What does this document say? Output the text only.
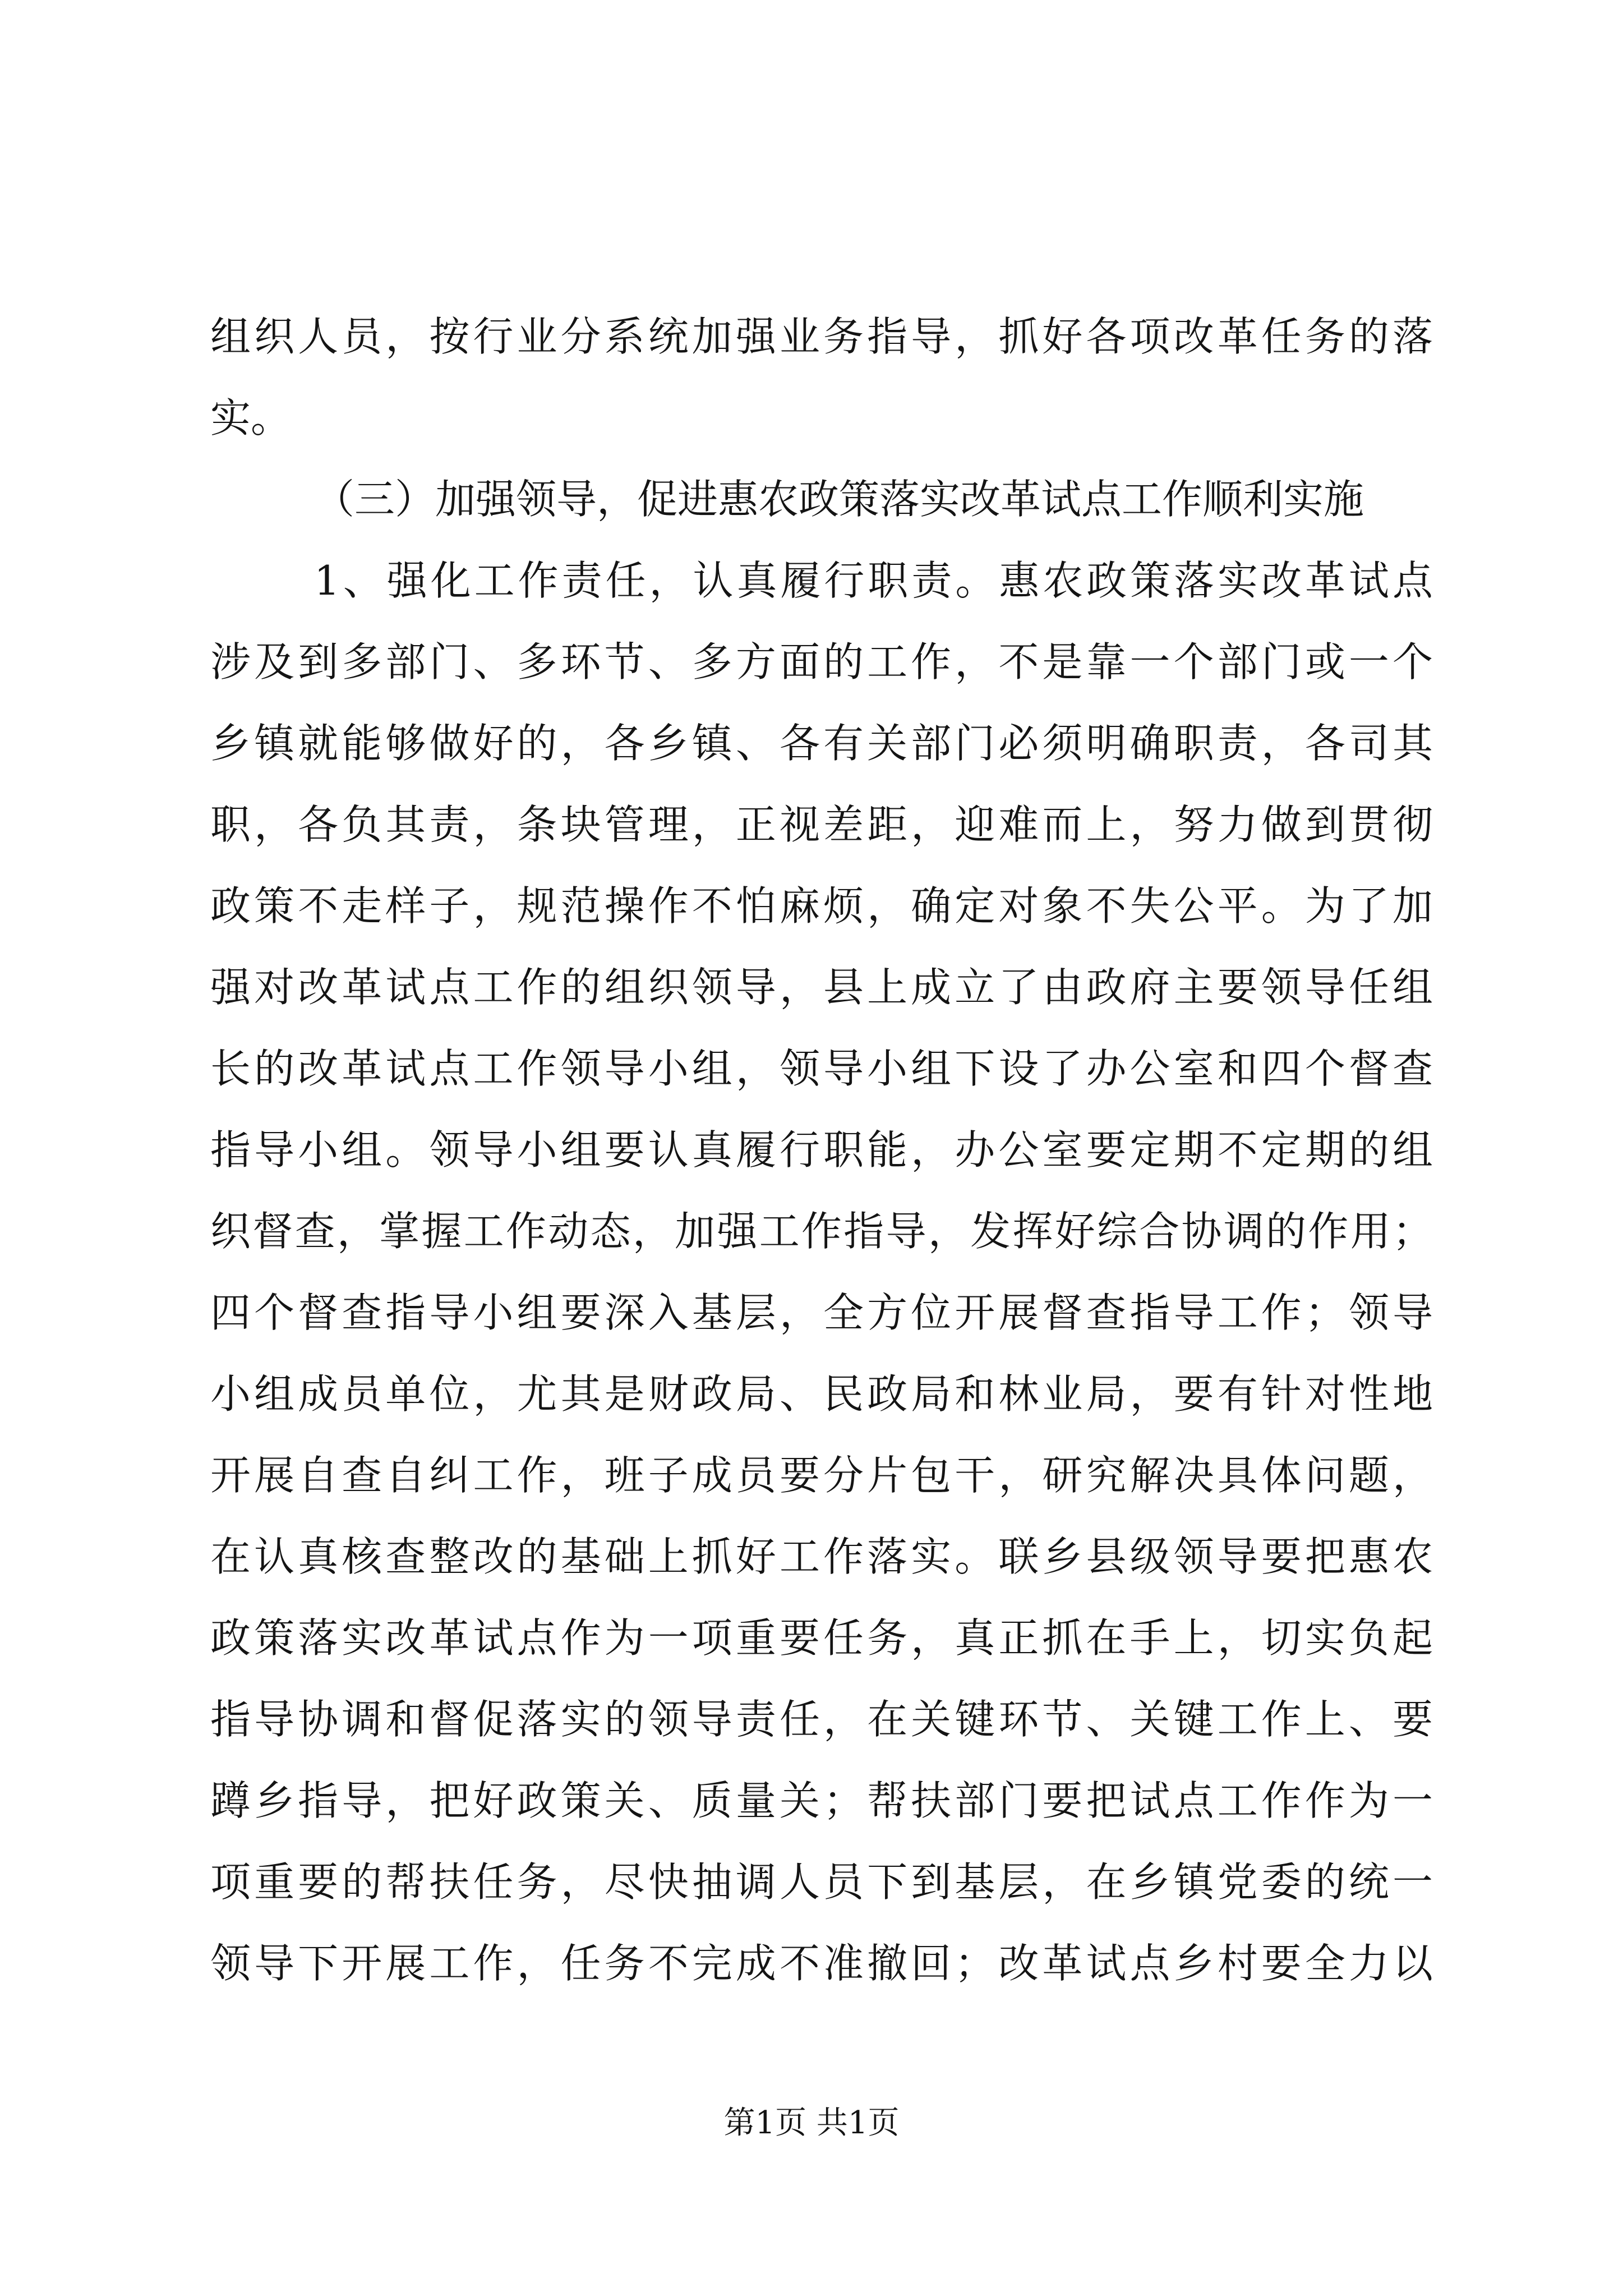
组织人员，按行业分系统加强业务指导，抓好各项改革任务的落
实。
（三）加强领导，促进惠农政策落实改革试点工作顺利实施
1、强化工作责任，认真履行职责。惠农政策落实改革试点
涉及到多部门、多环节、多方面的工作，不是靠一个部门或一个
乡镇就能够做好的，各乡镇、各有关部门必须明确职责，各司其
职，各负其责，条块管理，正视差距，迎难而上，努力做到贯彻
政策不走样子，规范操作不怕麻烦，确定对象不失公平。为了加
强对改革试点工作的组织领导，县上成立了由政府主要领导任组
长的改革试点工作领导小组，领导小组下设了办公室和四个督查
指导小组。领导小组要认真履行职能，办公室要定期不定期的组
织督查，掌握工作动态，加强工作指导，发挥好综合协调的作用；
四个督查指导小组要深入基层，全方位开展督查指导工作；领导
小组成员单位，尤其是财政局、民政局和林业局，要有针对性地
开展自查自纠工作，班子成员要分片包干，研究解决具体问题，
在认真核查整改的基础上抓好工作落实。联乡县级领导要把惠农
政策落实改革试点作为一项重要任务，真正抓在手上，切实负起
指导协调和督促落实的领导责任，在关键环节、关键工作上、要
蹲乡指导，把好政策关、质量关；帮扶部门要把试点工作作为一
项重要的帮扶任务，尽快抽调人员下到基层，在乡镇党委的统一
领导下开展工作，任务不完成不准撤回；改革试点乡村要全力以
第1页 共1页
